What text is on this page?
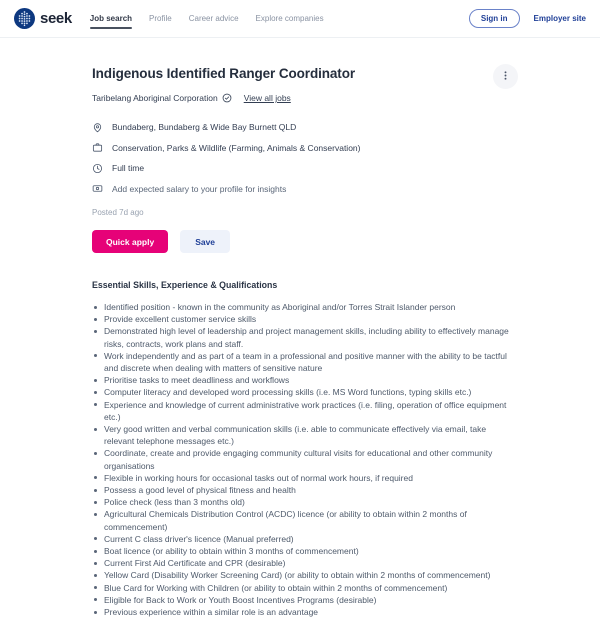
seek Job search Profile Career advice Explore companies	Sign in	Employer site
Indigenous Identified Ranger Coordinator
Taribelang Aboriginal Corporation	View all jobs
Bundaberg, Bundaberg & Wide Bay Burnett QLD
Conservation, Parks & Wildlife (Farming, Animals & Conservation)
Full time
Add expected salary to your profile for insights
Posted 7d ago
Quick apply	Save
Essential Skills, Experience & Qualifications
Identified position - known in the community as Aboriginal and/or Torres Strait Islander person
Provide excellent customer service skills
Demonstrated high level of leadership and project management skills, including ability to effectively manage risks, contracts, work plans and staff.
Work independently and as part of a team in a professional and positive manner with the ability to be tactful and discrete when dealing with matters of sensitive nature
Prioritise tasks to meet deadliness and workflows
Computer literacy and developed word processing skills (i.e. MS Word functions, typing skills etc.)
Experience and knowledge of current administrative work practices (i.e. filing, operation of office equipment etc.)
Very good written and verbal communication skills (i.e. able to communicate effectively via email, take relevant telephone messages etc.)
Coordinate, create and provide engaging community cultural visits for educational and other community organisations
Flexible in working hours for occasional tasks out of normal work hours, if required
Possess a good level of physical fitness and health
Police check (less than 3 months old)
Agricultural Chemicals Distribution Control (ACDC) licence (or ability to obtain within 2 months of commencement)
Current C class driver's licence (Manual preferred)
Boat licence (or ability to obtain within 3 months of commencement)
Current First Aid Certificate and CPR (desirable)
Yellow Card (Disability Worker Screening Card) (or ability to obtain within 2 months of commencement)
Blue Card for Working with Children (or ability to obtain within 2 months of commencement)
Eligible for Back to Work or Youth Boost Incentives Programs (desirable)
Previous experience within a similar role is an advantage
